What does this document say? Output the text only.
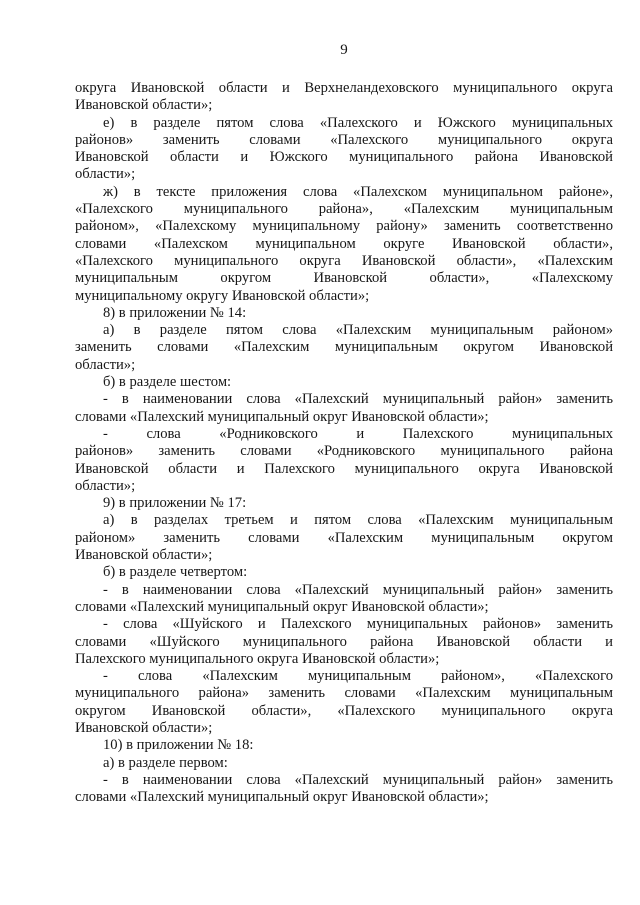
9
округа Ивановской области и Верхнеландеховского муниципального округа
Ивановской области»;
е) в разделе пятом слова «Палехского и Южского муниципальных
районов» заменить словами «Палехского муниципального округа
Ивановской области и Южского муниципального района Ивановской
области»;
ж) в тексте приложения слова «Палехском муниципальном районе»,
«Палехского муниципального района», «Палехским муниципальным
районом», «Палехскому муниципальному району» заменить соответственно
словами «Палехском муниципальном округе Ивановской области»,
«Палехского муниципального округа Ивановской области», «Палехским
муниципальным округом Ивановской области», «Палехскому
муниципальному округу Ивановской области»;
8) в приложении № 14:
а) в разделе пятом слова «Палехским муниципальным районом»
заменить словами «Палехским муниципальным округом Ивановской
области»;
б) в разделе шестом:
- в наименовании слова «Палехский муниципальный район» заменить
словами «Палехский муниципальный округ Ивановской области»;
- слова «Родниковского и Палехского муниципальных
районов» заменить словами «Родниковского муниципального района
Ивановской области и Палехского муниципального округа Ивановской
области»;
9) в приложении № 17:
а) в разделах третьем и пятом слова «Палехским муниципальным
районом» заменить словами «Палехским муниципальным округом
Ивановской области»;
б) в разделе четвертом:
- в наименовании слова «Палехский муниципальный район» заменить
словами «Палехский муниципальный округ Ивановской области»;
- слова «Шуйского и Палехского муниципальных районов» заменить
словами «Шуйского муниципального района Ивановской области и
Палехского муниципального округа Ивановской области»;
- слова «Палехским муниципальным районом», «Палехского
муниципального района» заменить словами «Палехским муниципальным
округом Ивановской области», «Палехского муниципального округа
Ивановской области»;
10) в приложении № 18:
а) в разделе первом:
- в наименовании слова «Палехский муниципальный район» заменить
словами «Палехский муниципальный округ Ивановской области»;
